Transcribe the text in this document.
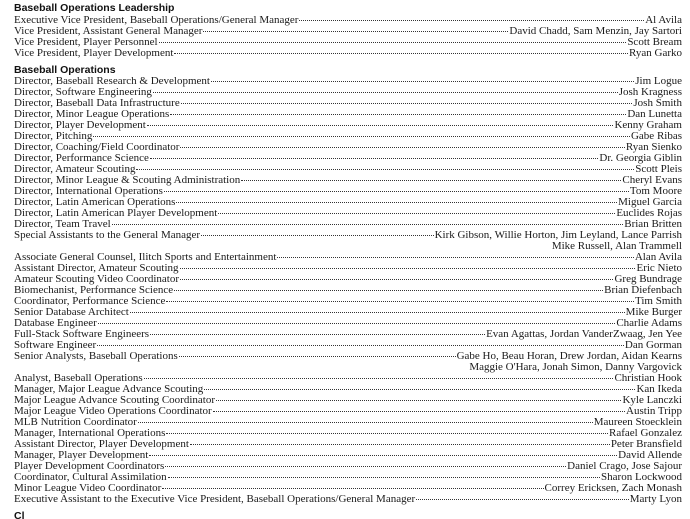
Baseball Operations Leadership
Executive Vice President, Baseball Operations/General Manager	Al Avila
Vice President, Assistant General Manager	David Chadd, Sam Menzin, Jay Sartori
Vice President, Player Personnel	Scott Bream
Vice President, Player Development	Ryan Garko
Baseball Operations
Director, Baseball Research & Development	Jim Logue
Director, Software Engineering	Josh Kragness
Director, Baseball Data Infrastructure	Josh Smith
Director, Minor League Operations	Dan Lunetta
Director, Player Development	Kenny Graham
Director, Pitching	Gabe Ribas
Director, Coaching/Field Coordinator	Ryan Sienko
Director, Performance Science	Dr. Georgia Giblin
Director, Amateur Scouting	Scott Pleis
Director, Minor League & Scouting Administration	Cheryl Evans
Director, International Operations	Tom Moore
Director, Latin American Operations	Miguel Garcia
Director, Latin American Player Development	Euclides Rojas
Director, Team Travel	Brian Britten
Special Assistants to the General Manager	Kirk Gibson, Willie Horton, Jim Leyland, Lance Parrish
Mike Russell, Alan Trammell
Associate General Counsel, Ilitch Sports and Entertainment	Alan Avila
Assistant Director, Amateur Scouting	Eric Nieto
Amateur Scouting Video Coordinator	Greg Bundrage
Biomechanist, Performance Science	Brian Diefenbach
Coordinator, Performance Science	Tim Smith
Senior Database Architect	Mike Burger
Database Engineer	Charlie Adams
Full-Stack Software Engineers	Evan Agattas, Jordan VanderZwaag, Jen Yee
Software Engineer	Dan Gorman
Senior Analysts, Baseball Operations	Gabe Ho, Beau Horan, Drew Jordan, Aidan Kearns
Maggie O'Hara, Jonah Simon, Danny Vargovick
Analyst, Baseball Operations	Christian Hook
Manager, Major League Advance Scouting	Kan Ikeda
Major League Advance Scouting Coordinator	Kyle Lanczki
Major League Video Operations Coordinator	Austin Tripp
MLB Nutrition Coordinator	Maureen Stoecklein
Manager, International Operations	Rafael Gonzalez
Assistant Director, Player Development	Peter Bransfield
Manager, Player Development	David Allende
Player Development Coordinators	Daniel Crago, Jose Sajour
Coordinator, Cultural Assimilation	Sharon Lockwood
Minor League Video Coordinator	Correy Ericksen, Zach Monash
Executive Assistant to the Executive Vice President, Baseball Operations/General Manager	Marty Lyon
Cl
